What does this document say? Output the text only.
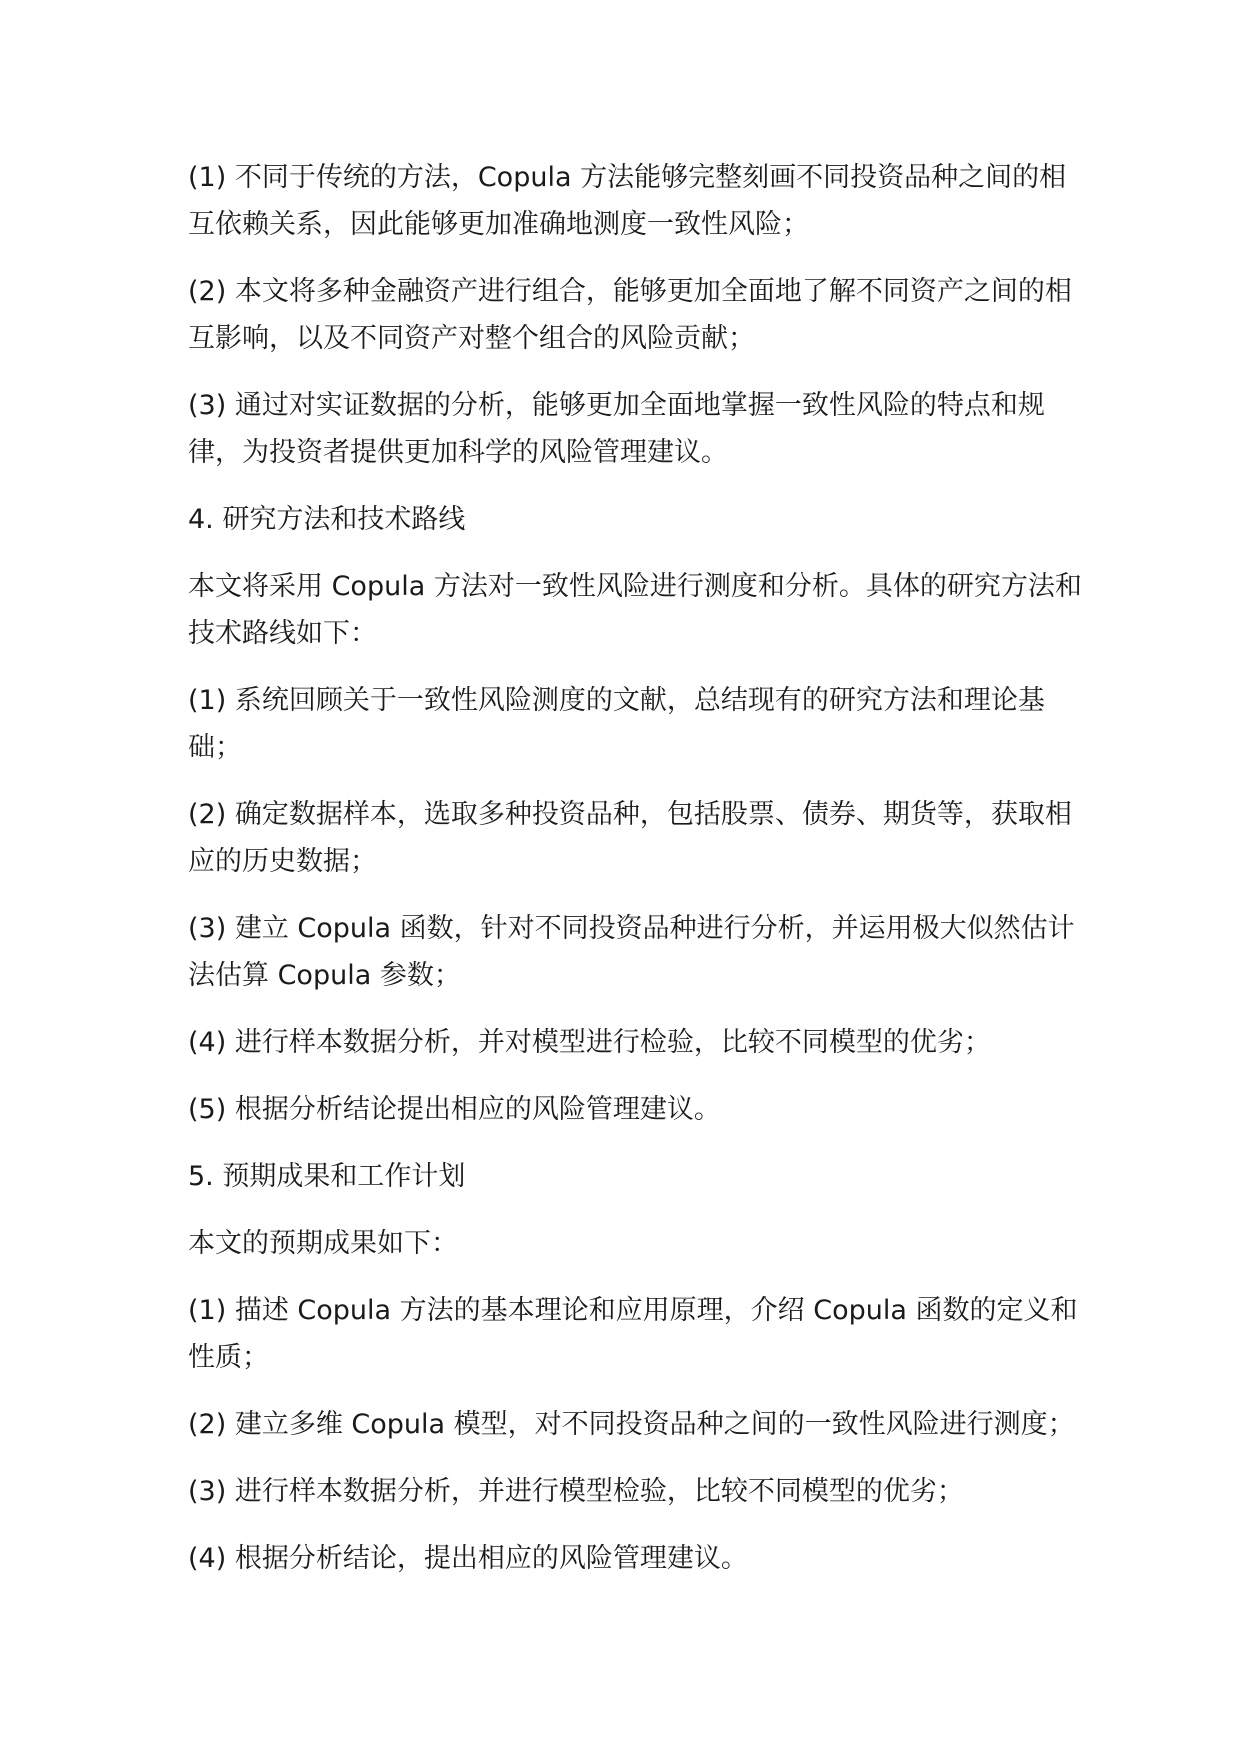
(1) 不同于传统的方法，Copula 方法能够完整刻画不同投资品种之间的相互依赖关系，因此能够更加准确地测度一致性风险；

(2) 本文将多种金融资产进行组合，能够更加全面地了解不同资产之间的相互影响，以及不同资产对整个组合的风险贡献；

(3) 通过对实证数据的分析，能够更加全面地掌握一致性风险的特点和规律，为投资者提供更加科学的风险管理建议。

4. 研究方法和技术路线

本文将采用 Copula 方法对一致性风险进行测度和分析。具体的研究方法和技术路线如下：

(1) 系统回顾关于一致性风险测度的文献，总结现有的研究方法和理论基础；

(2) 确定数据样本，选取多种投资品种，包括股票、债券、期货等，获取相应的历史数据；

(3) 建立 Copula 函数，针对不同投资品种进行分析，并运用极大似然估计法估算 Copula 参数；

(4) 进行样本数据分析，并对模型进行检验，比较不同模型的优劣；

(5) 根据分析结论提出相应的风险管理建议。

5. 预期成果和工作计划

本文的预期成果如下：

(1) 描述 Copula 方法的基本理论和应用原理，介绍 Copula 函数的定义和性质；

(2) 建立多维 Copula 模型，对不同投资品种之间的一致性风险进行测度；

(3) 进行样本数据分析，并进行模型检验，比较不同模型的优劣；

(4) 根据分析结论，提出相应的风险管理建议。
